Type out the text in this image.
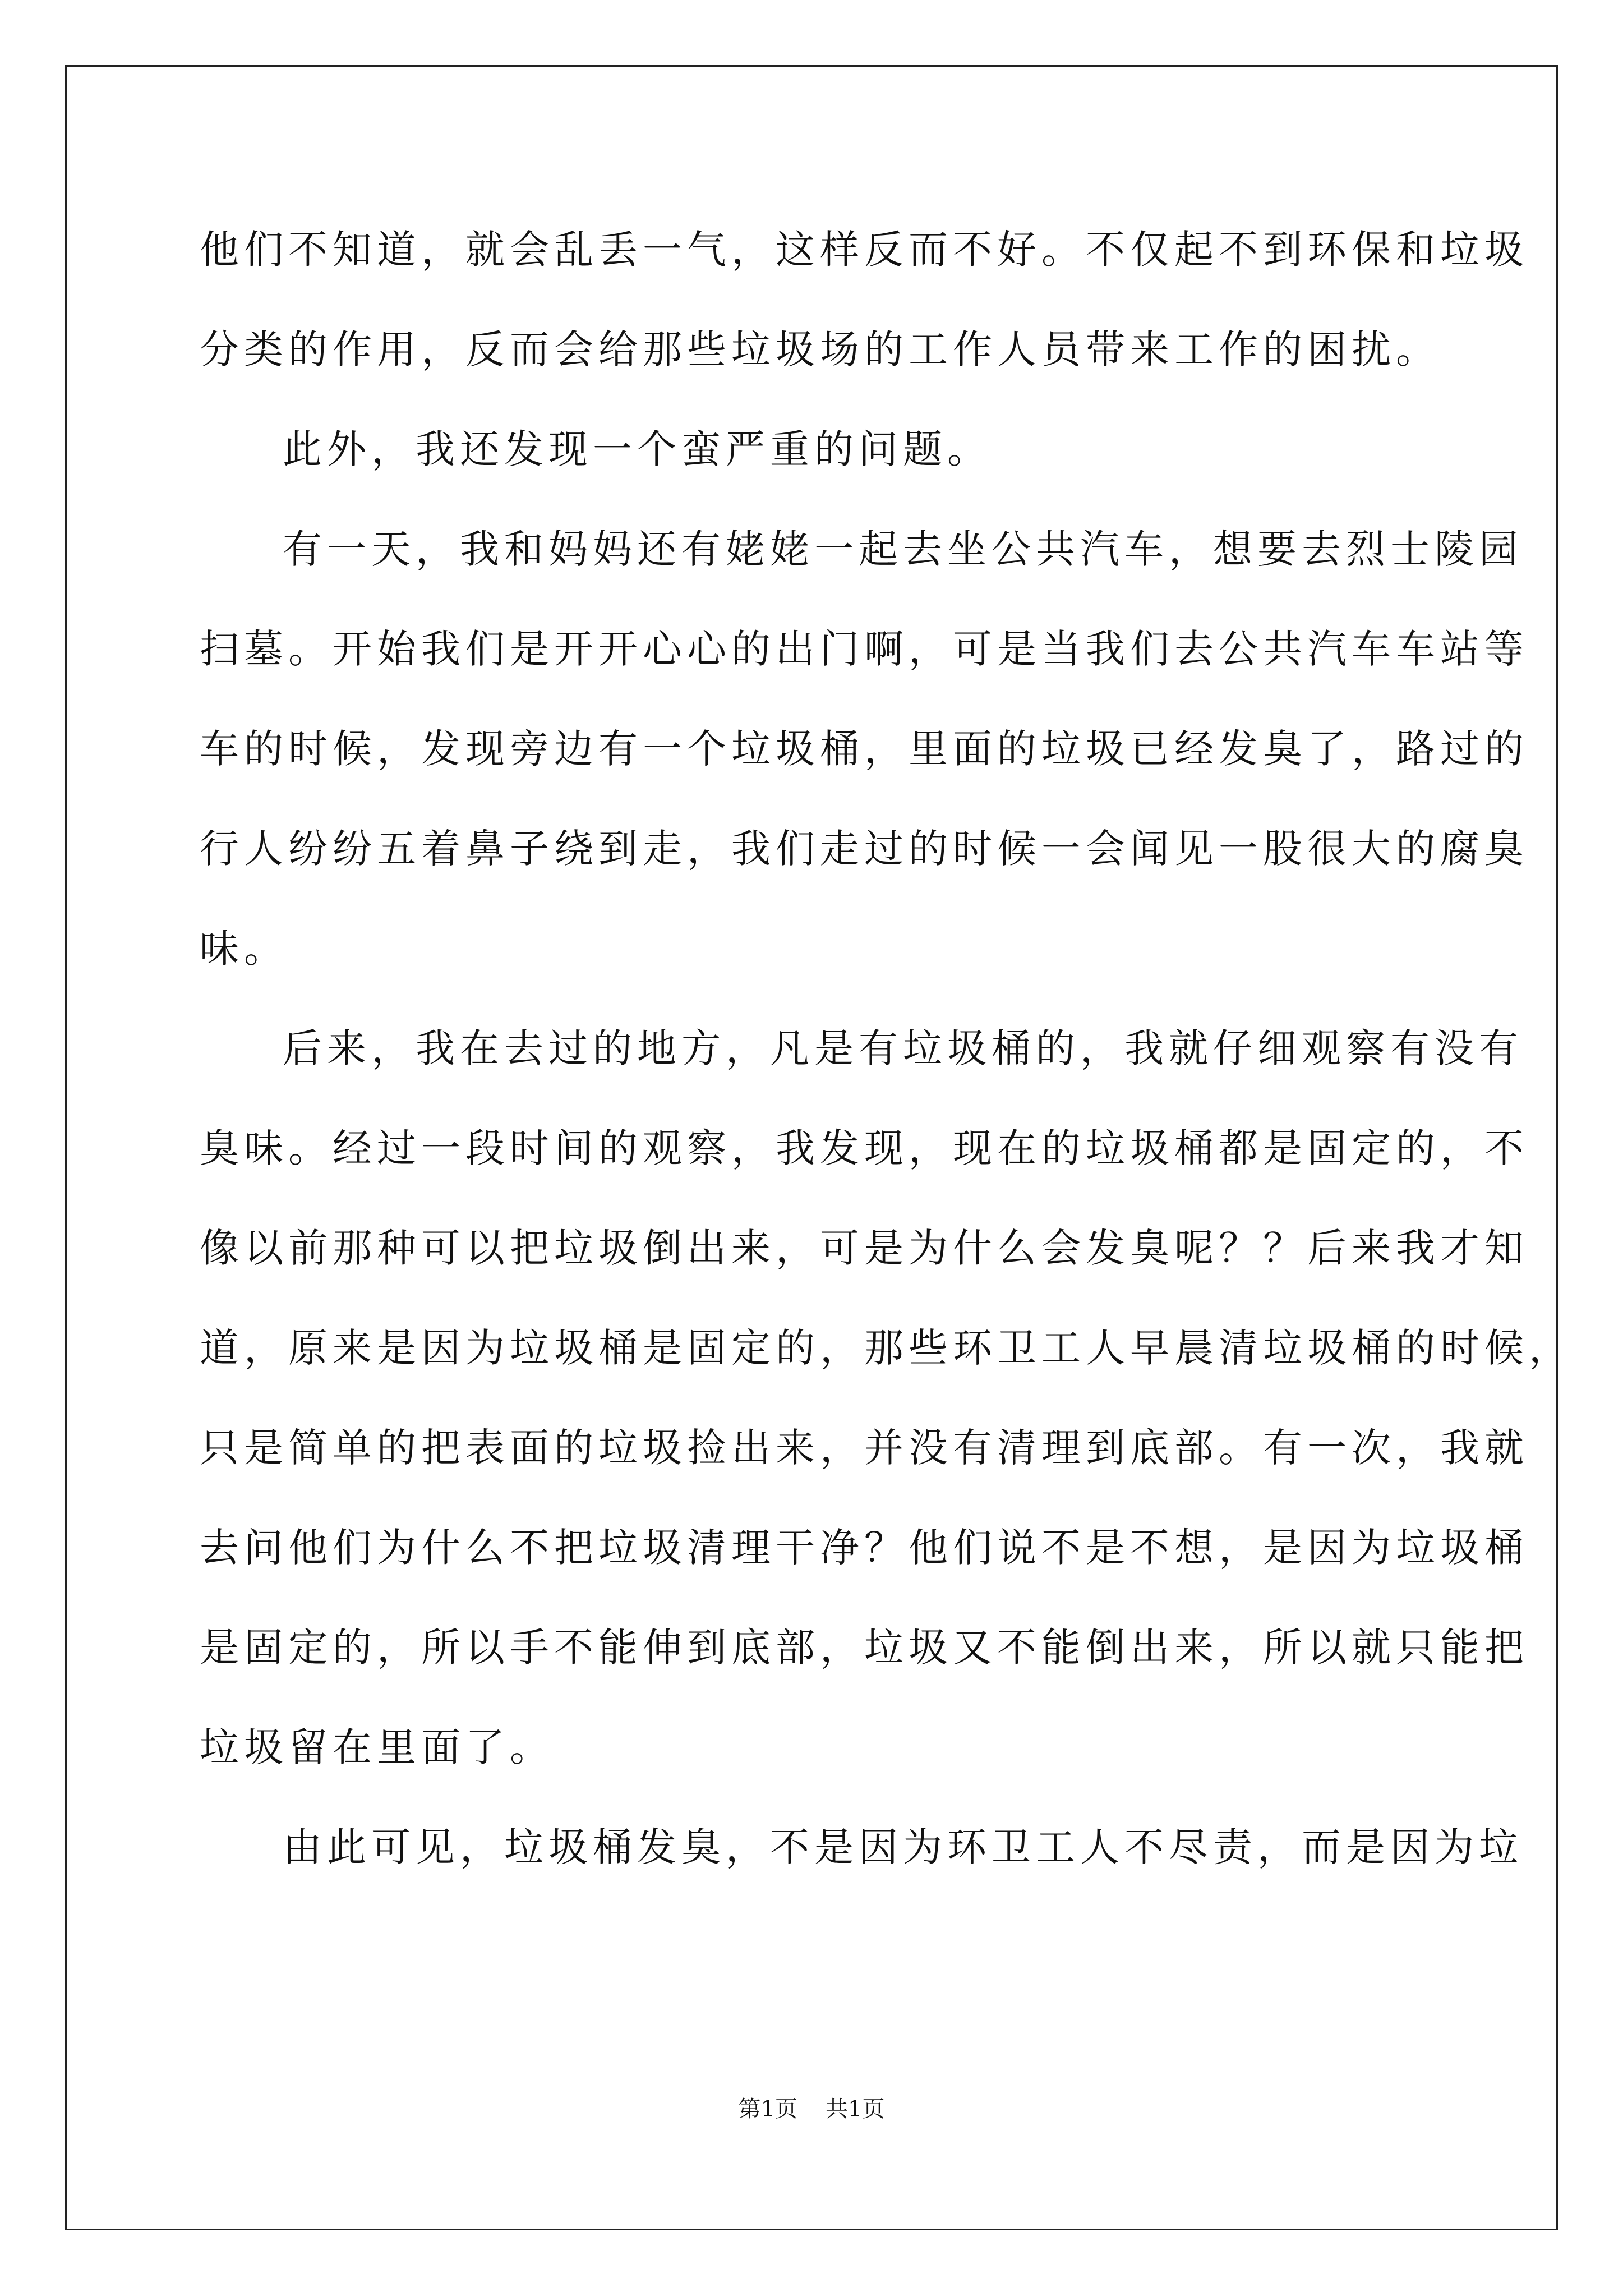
他们不知道，就会乱丢一气，这样反而不好。不仅起不到环保和垃圾
分类的作用，反而会给那些垃圾场的工作人员带来工作的困扰。
此外，我还发现一个蛮严重的问题。
有一天，我和妈妈还有姥姥一起去坐公共汽车，想要去烈士陵园
扫墓。开始我们是开开心心的出门啊，可是当我们去公共汽车车站等
车的时候，发现旁边有一个垃圾桶，里面的垃圾已经发臭了，路过的
行人纷纷五着鼻子绕到走，我们走过的时候一会闻见一股很大的腐臭
味。
后来，我在去过的地方，凡是有垃圾桶的，我就仔细观察有没有
臭味。经过一段时间的观察，我发现，现在的垃圾桶都是固定的，不
像以前那种可以把垃圾倒出来，可是为什么会发臭呢？？后来我才知
道，原来是因为垃圾桶是固定的，那些环卫工人早晨清垃圾桶的时候，
只是简单的把表面的垃圾捡出来，并没有清理到底部。有一次，我就
去问他们为什么不把垃圾清理干净？他们说不是不想，是因为垃圾桶
是固定的，所以手不能伸到底部，垃圾又不能倒出来，所以就只能把
垃圾留在里面了。
由此可见，垃圾桶发臭，不是因为环卫工人不尽责，而是因为垃
第1页 共1页
